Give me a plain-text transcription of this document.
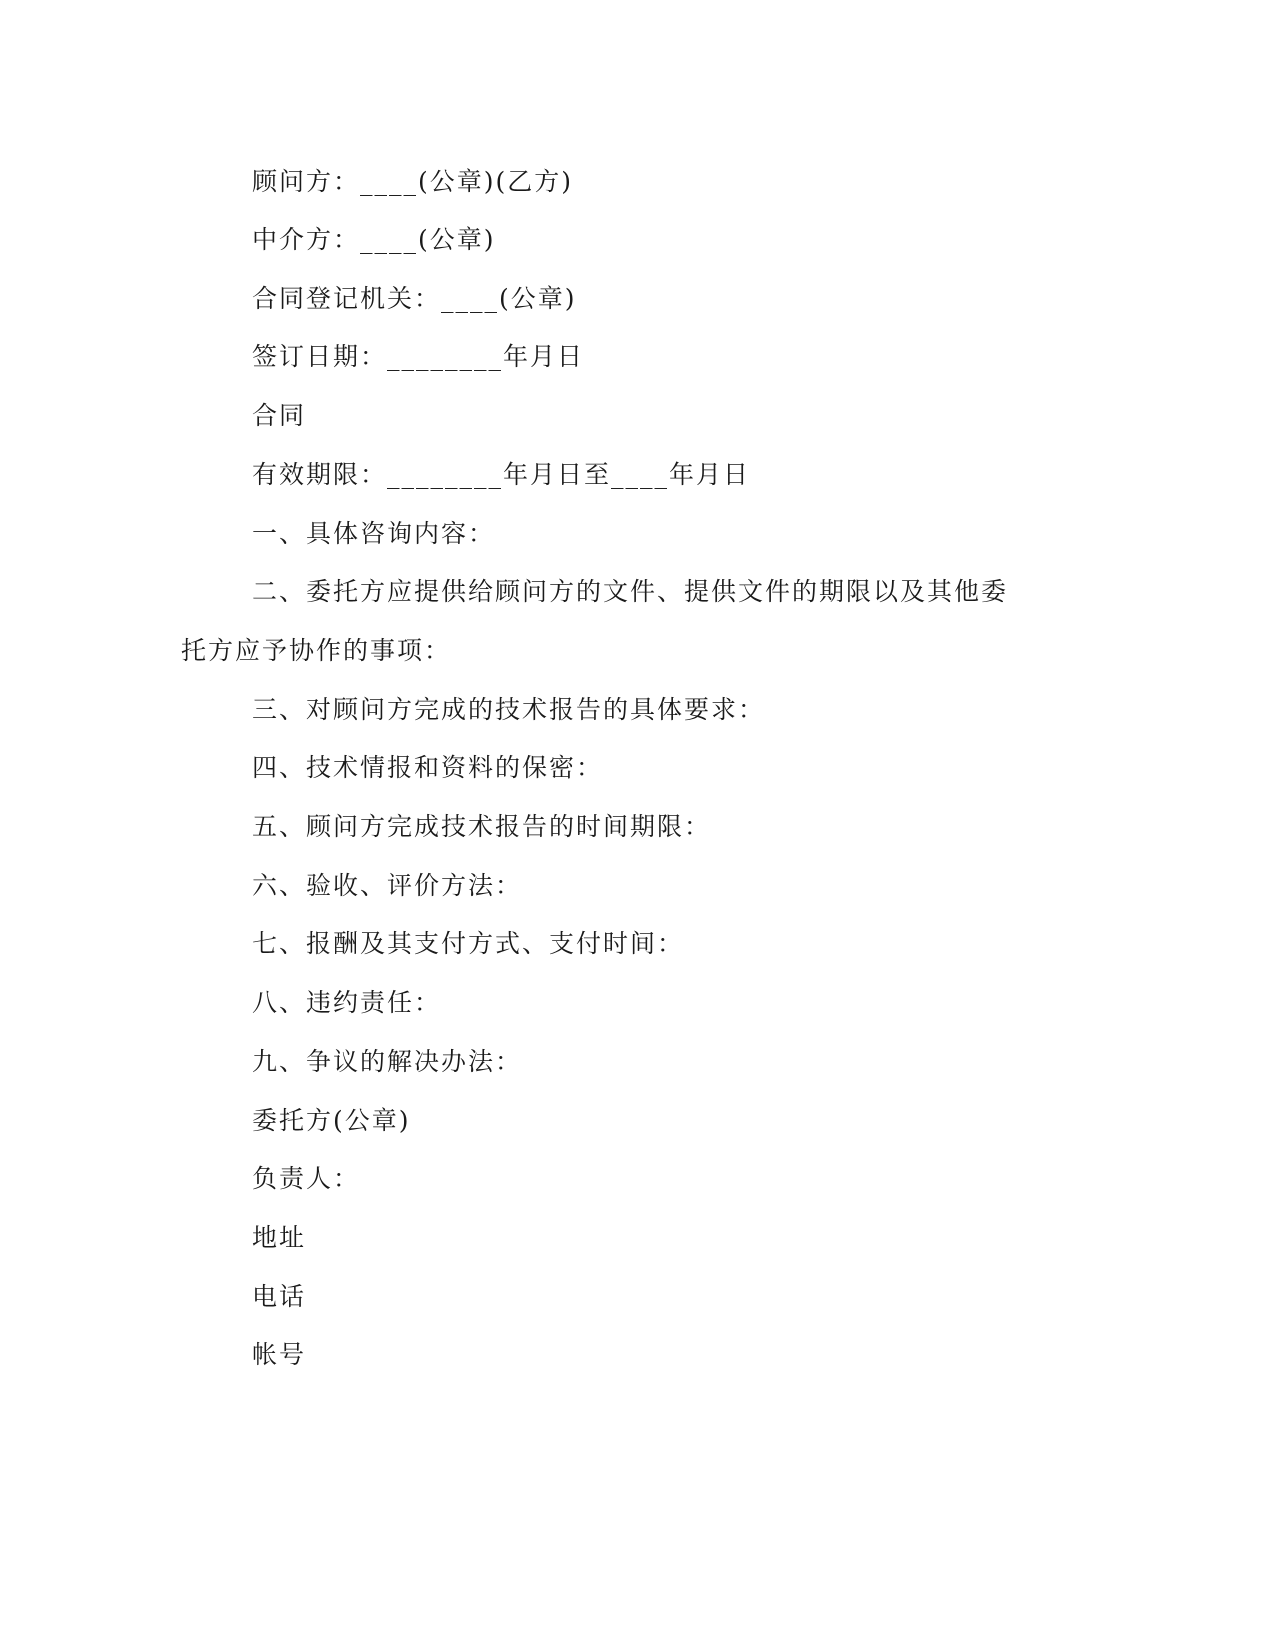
顾问方：____(公章)(乙方)
中介方：____(公章)
合同登记机关：____(公章)
签订日期：________年月日
合同
有效期限：________年月日至____年月日
一、具体咨询内容：
二、委托方应提供给顾问方的文件、提供文件的期限以及其他委
托方应予协作的事项：
三、对顾问方完成的技术报告的具体要求：
四、技术情报和资料的保密：
五、顾问方完成技术报告的时间期限：
六、验收、评价方法：
七、报酬及其支付方式、支付时间：
八、违约责任：
九、争议的解决办法：
委托方(公章)
负责人：
地址
电话
帐号
